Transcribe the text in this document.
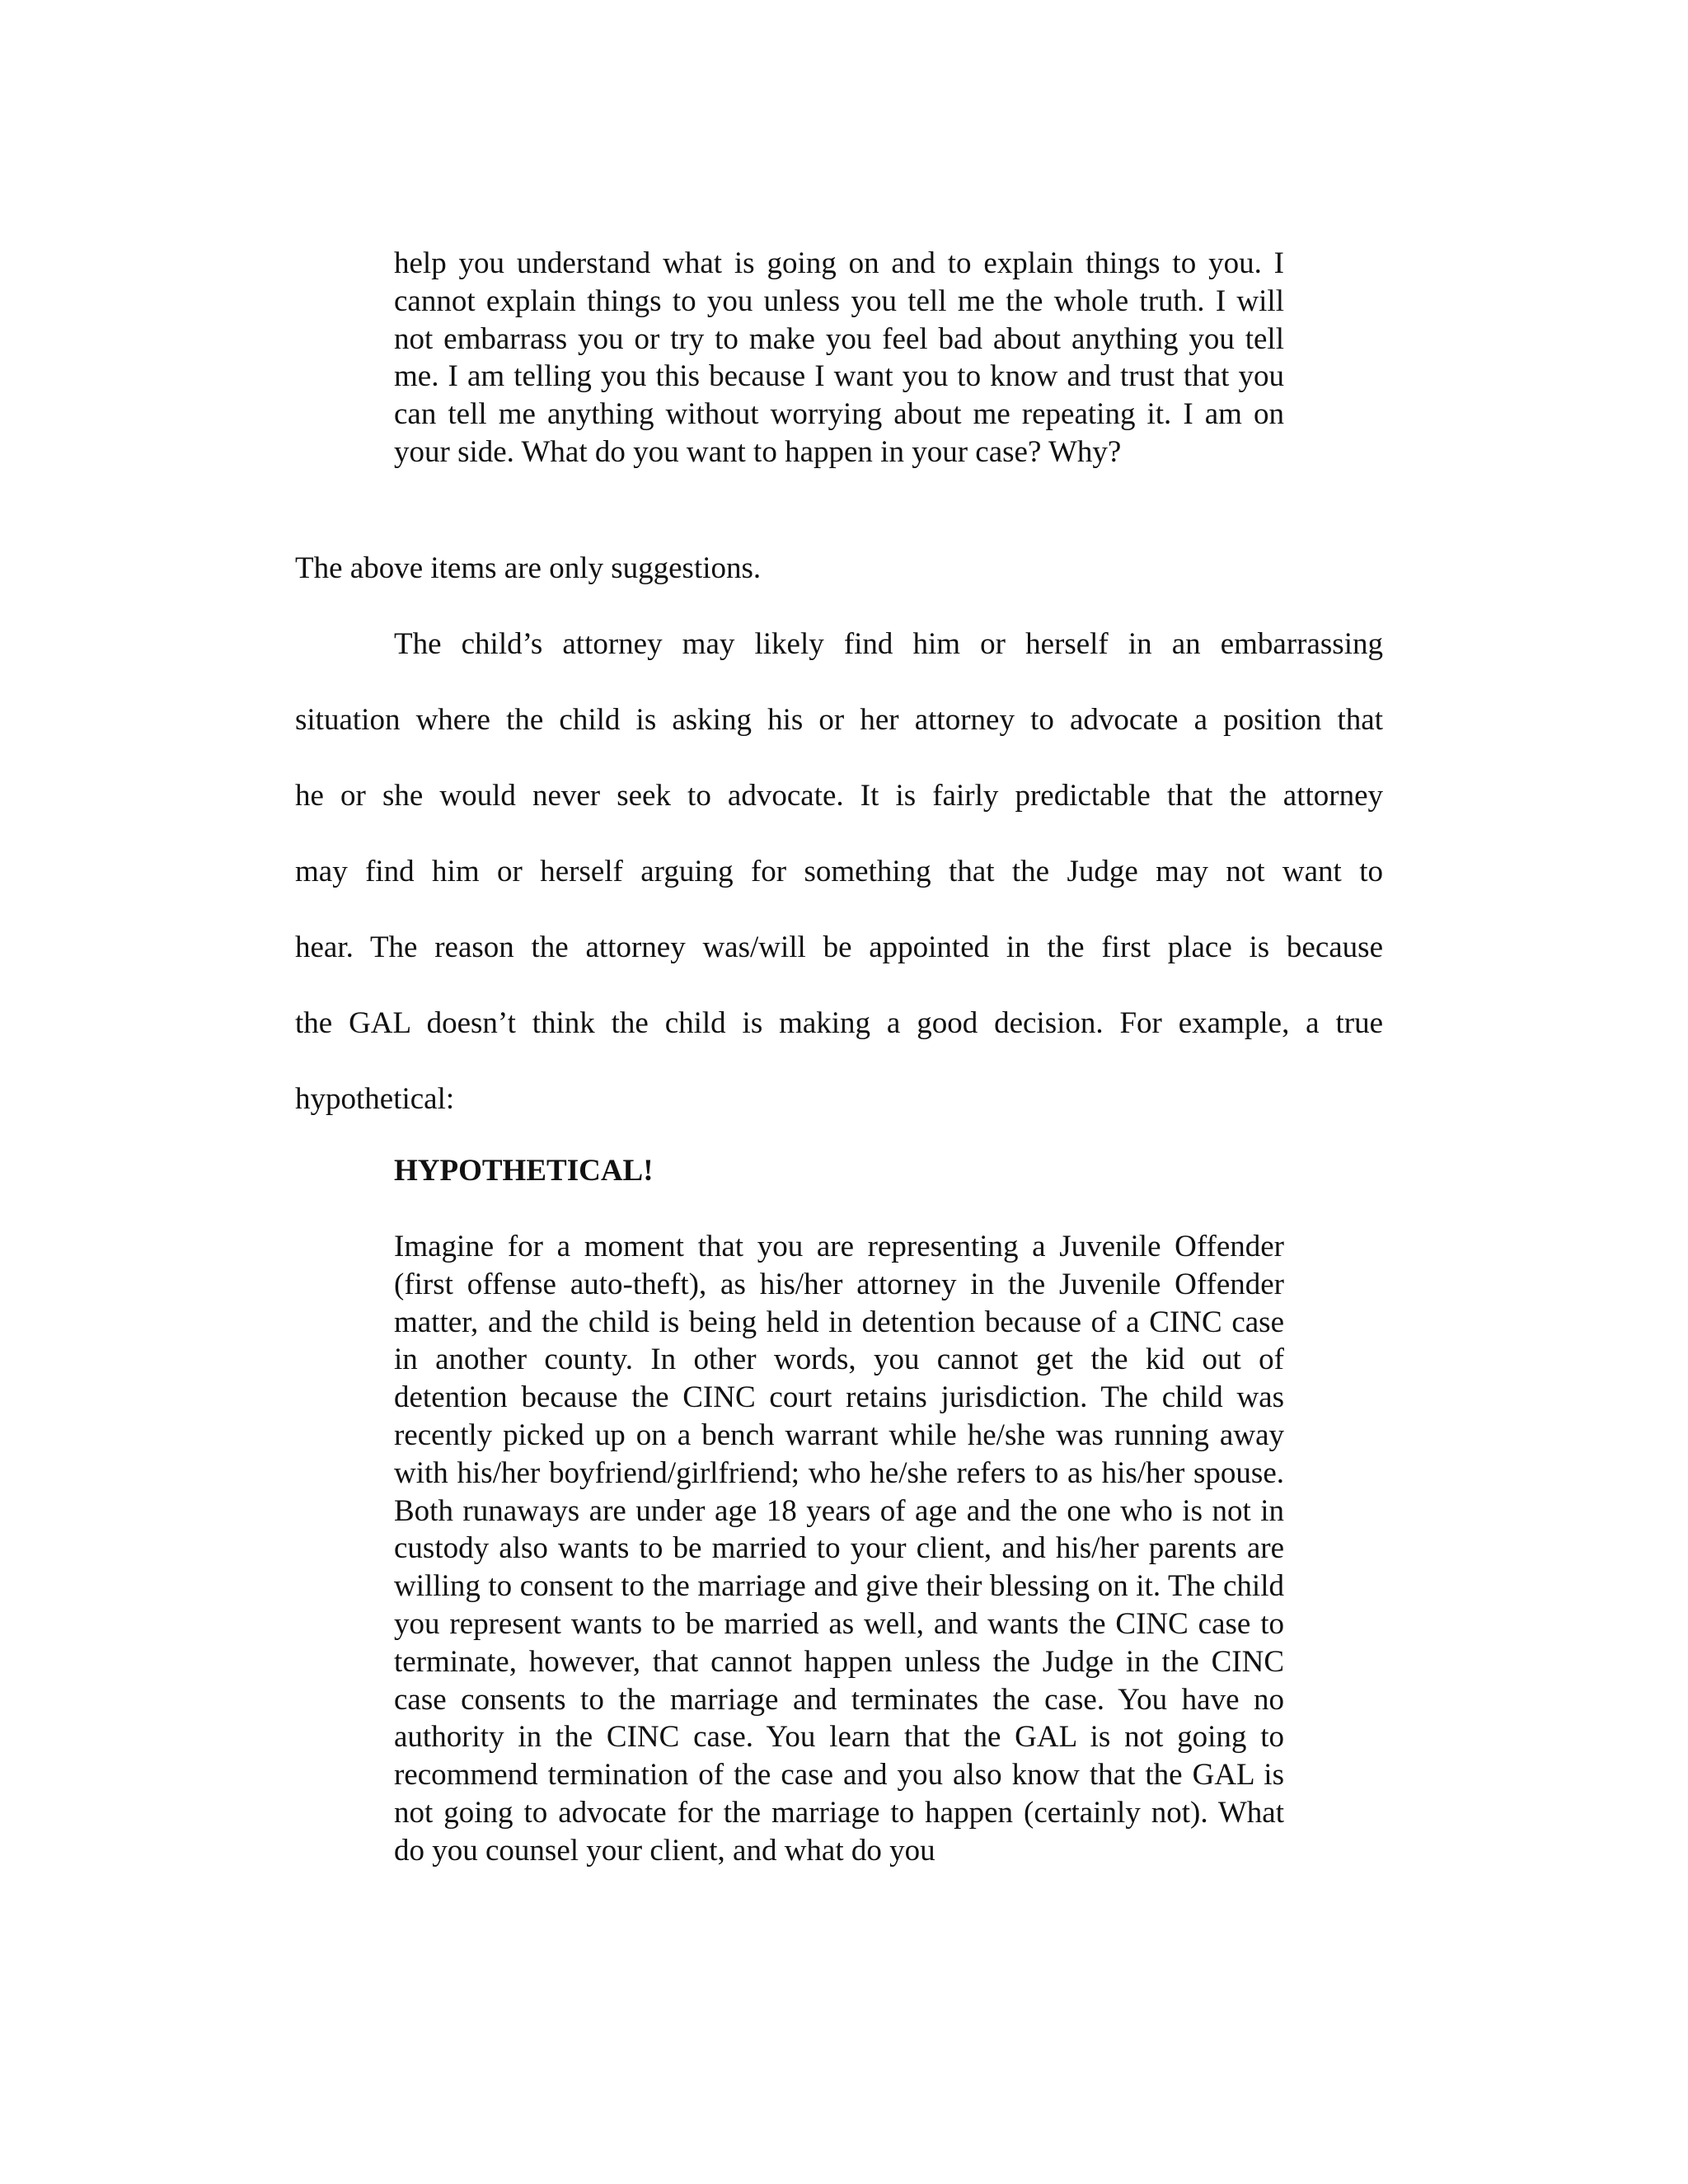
help you understand what is going on and to explain things to you. I cannot explain things to you unless you tell me the whole truth. I will not embarrass you or try to make you feel bad about anything you tell me. I am telling you this because I want you to know and trust that you can tell me anything without worrying about me repeating it. I am on your side. What do you want to happen in your case? Why?

The above items are only suggestions.

The child’s attorney may likely find him or herself in an embarrassing

situation where the child is asking his or her attorney to advocate a position that

he or she would never seek to advocate. It is fairly predictable that the attorney

may find him or herself arguing for something that the Judge may not want to

hear. The reason the attorney was/will be appointed in the first place is because

the GAL doesn’t think the child is making a good decision. For example, a true

hypothetical:

HYPOTHETICAL!

Imagine for a moment that you are representing a Juvenile Offender (first offense auto-theft), as his/her attorney in the Juvenile Offender matter, and the child is being held in detention because of a CINC case in another county. In other words, you cannot get the kid out of detention because the CINC court retains jurisdiction. The child was recently picked up on a bench warrant while he/she was running away with his/her boyfriend/girlfriend; who he/she refers to as his/her spouse. Both runaways are under age 18 years of age and the one who is not in custody also wants to be married to your client, and his/her parents are willing to consent to the marriage and give their blessing on it. The child you represent wants to be married as well, and wants the CINC case to terminate, however, that cannot happen unless the Judge in the CINC case consents to the marriage and terminates the case. You have no authority in the CINC case. You learn that the GAL is not going to recommend termination of the case and you also know that the GAL is not going to advocate for the marriage to happen (certainly not). What do you counsel your client, and what do you
